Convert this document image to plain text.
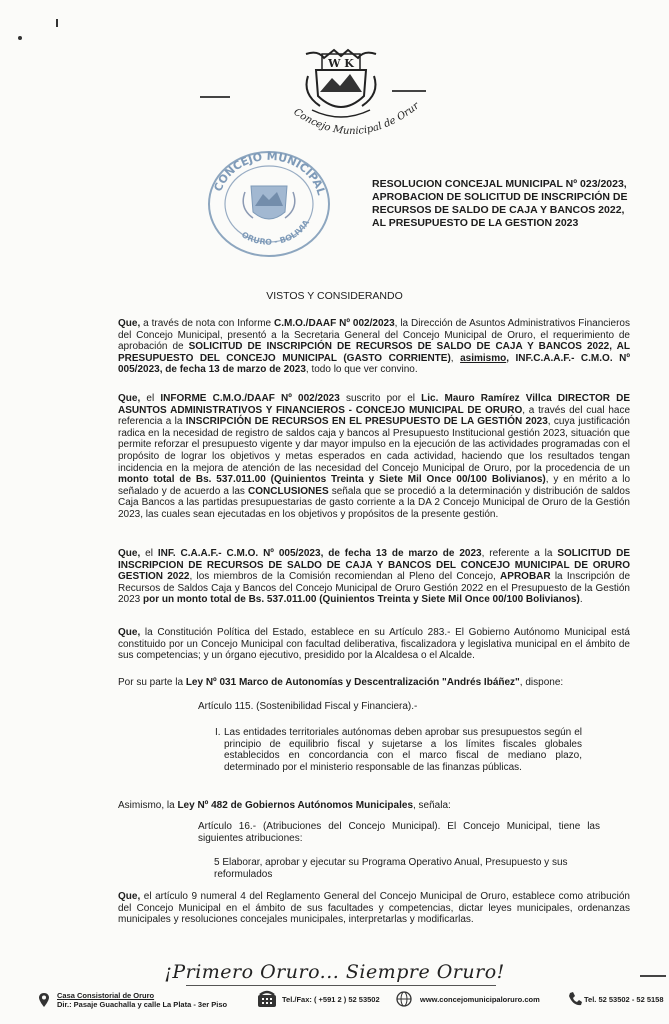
W K
Concejo Municipal de Orur
CONCEJO MUNICIPAL
ORURO - BOLIVIA
RESOLUCION CONCEJAL MUNICIPAL Nº 023/2023,
APROBACION DE SOLICITUD DE INSCRIPCIÓN DE
RECURSOS DE SALDO DE CAJA Y BANCOS 2022,
AL PRESUPUESTO DE LA GESTION 2023
VISTOS Y CONSIDERANDO

Que, a través de nota con Informe C.M.O./DAAF Nº 002/2023, la Dirección de Asuntos Administrativos Financieros del Concejo Municipal, presentó a la Secretaria General del Concejo Municipal de Oruro, el requerimiento de aprobación de SOLICITUD DE INSCRIPCIÓN DE RECURSOS DE SALDO DE CAJA Y BANCOS 2022, AL PRESUPUESTO DEL CONCEJO MUNICIPAL (GASTO CORRIENTE), asimismo, INF.C.A.A.F.- C.M.O. Nº 005/2023, de fecha 13 de marzo de 2023, todo lo que ver convino.

Que, el INFORME C.M.O./DAAF Nº 002/2023 suscrito por el Lic. Mauro Ramírez Villca DIRECTOR DE ASUNTOS ADMINISTRATIVOS Y FINANCIEROS - CONCEJO MUNICIPAL DE ORURO, a través del cual hace referencia a la INSCRIPCIÓN DE RECURSOS EN EL PRESUPUESTO DE LA GESTIÓN 2023, cuya justificación radica en la necesidad de registro de saldos caja y bancos al Presupuesto Institucional gestión 2023, situación que permite reforzar el presupuesto vigente y dar mayor impulso en la ejecución de las actividades programadas con el propósito de lograr los objetivos y metas esperados en cada actividad, haciendo que los resultados tengan incidencia en la mejora de atención de las necesidad del Concejo Municipal de Oruro, por la procedencia de un monto total de Bs. 537.011.00 (Quinientos Treinta y Siete Mil Once 00/100 Bolivianos), y en mérito a lo señalado y de acuerdo a las CONCLUSIONES señala que se procedió a la determinación y distribución de saldos Caja Bancos a las partidas presupuestarias de gasto corriente a la DA 2 Concejo Municipal de Oruro de la Gestión 2023, las cuales sean ejecutadas en los objetivos y propósitos de la presente gestión.

Que, el INF. C.A.A.F.- C.M.O. Nº 005/2023, de fecha 13 de marzo de 2023, referente a la SOLICITUD DE INSCRIPCION DE RECURSOS DE SALDO DE CAJA Y BANCOS DEL CONCEJO MUNICIPAL DE ORURO GESTION 2022, los miembros de la Comisión recomiendan al Pleno del Concejo, APROBAR la Inscripción de Recursos de Saldos Caja y Bancos del Concejo Municipal de Oruro Gestión 2022 en el Presupuesto de la Gestión 2023 por un monto total de Bs. 537.011.00 (Quinientos Treinta y Siete Mil Once 00/100 Bolivianos).

Que, la Constitución Política del Estado, establece en su Artículo 283.- El Gobierno Autónomo Municipal está constituido por un Concejo Municipal con facultad deliberativa, fiscalizadora y legislativa municipal en el ámbito de sus competencias; y un órgano ejecutivo, presidido por la Alcaldesa o el Alcalde.

Por su parte la Ley Nº 031 Marco de Autonomías y Descentralización "Andrés Ibáñez", dispone:

Artículo 115. (Sostenibilidad Fiscal y Financiera).-
I. Las entidades territoriales autónomas deben aprobar sus presupuestos según el principio de equilibrio fiscal y sujetarse a los límites fiscales globales establecidos en concordancia con el marco fiscal de mediano plazo, determinado por el ministerio responsable de las finanzas públicas.

Asimismo, la Ley Nº 482 de Gobiernos Autónomos Municipales, señala:

Artículo 16.- (Atribuciones del Concejo Municipal). El Concejo Municipal, tiene las siguientes atribuciones:

5 Elaborar, aprobar y ejecutar su Programa Operativo Anual, Presupuesto y sus reformulados

Que, el artículo 9 numeral 4 del Reglamento General del Concejo Municipal de Oruro, establece como atribución del Concejo Municipal en el ámbito de sus facultades y competencias, dictar leyes municipales, ordenanzas municipales y resoluciones concejales municipales, interpretarlas y modificarlas.

¡Primero Oruro... Siempre Oruro!
Casa Consistorial de Oruro
Dir.: Pasaje Guachalla y calle La Plata - 3er Piso
Tel./Fax: ( +591 2 ) 52 53502	www.concejomunicipaloruro.com	Tel. 52 53502 - 52 5158
